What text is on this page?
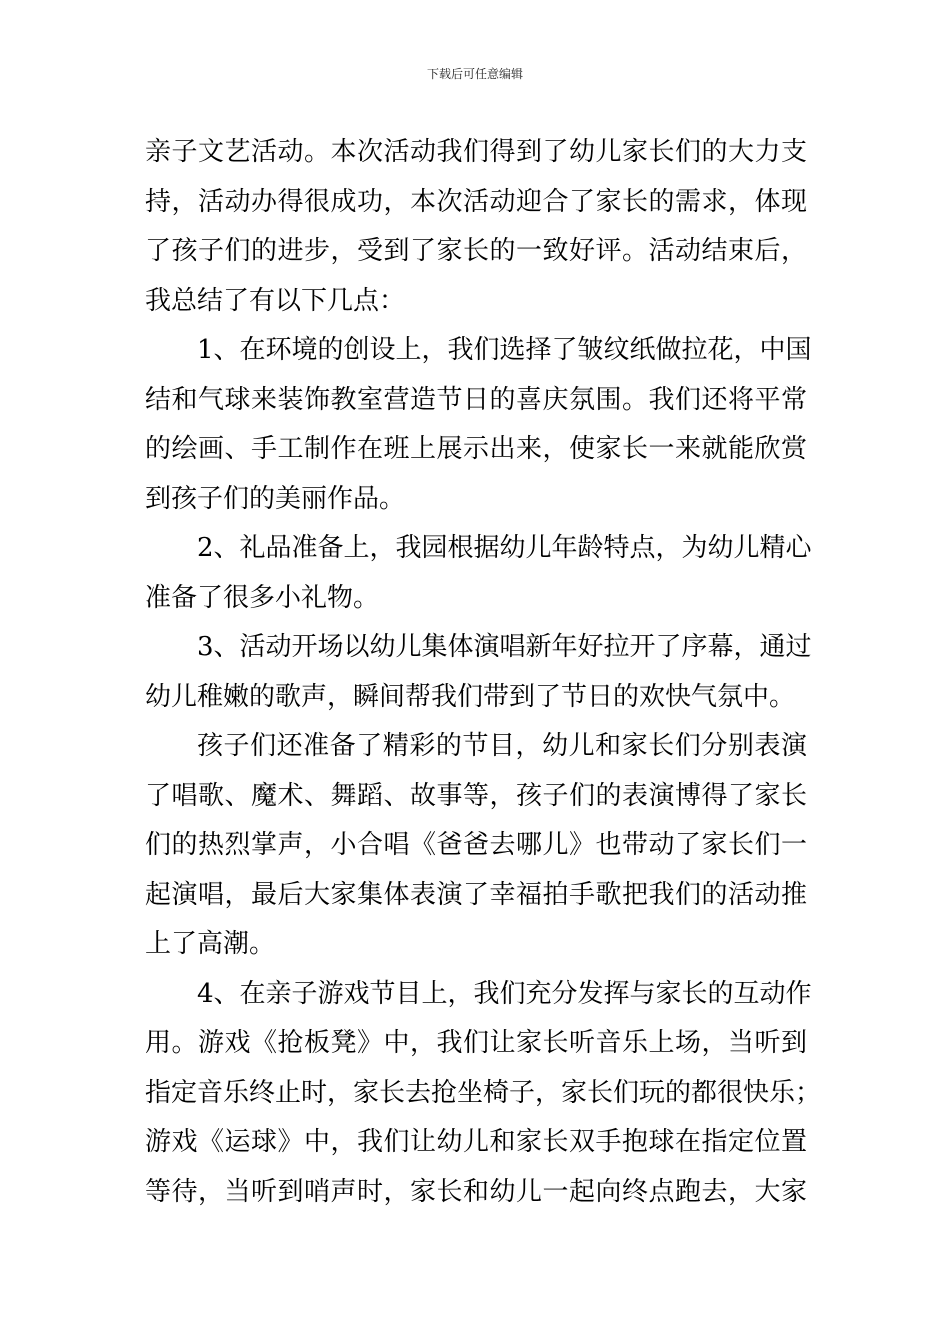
下载后可任意编辑
亲子文艺活动。本次活动我们得到了幼儿家长们的大力支
持，活动办得很成功，本次活动迎合了家长的需求，体现
了孩子们的进步，受到了家长的一致好评。活动结束后，
我总结了有以下几点：
1、在环境的创设上，我们选择了皱纹纸做拉花，中国
结和气球来装饰教室营造节日的喜庆氛围。我们还将平常
的绘画、手工制作在班上展示出来，使家长一来就能欣赏
到孩子们的美丽作品。
2、礼品准备上，我园根据幼儿年龄特点，为幼儿精心
准备了很多小礼物。
3、活动开场以幼儿集体演唱新年好拉开了序幕，通过
幼儿稚嫩的歌声，瞬间帮我们带到了节日的欢快气氛中。
孩子们还准备了精彩的节目，幼儿和家长们分别表演
了唱歌、魔术、舞蹈、故事等，孩子们的表演博得了家长
们的热烈掌声，小合唱《爸爸去哪儿》也带动了家长们一
起演唱，最后大家集体表演了幸福拍手歌把我们的活动推
上了高潮。
4、在亲子游戏节目上，我们充分发挥与家长的互动作
用。游戏《抢板凳》中，我们让家长听音乐上场，当听到
指定音乐终止时，家长去抢坐椅子，家长们玩的都很快乐；
游戏《运球》中，我们让幼儿和家长双手抱球在指定位置
等待，当听到哨声时，家长和幼儿一起向终点跑去，大家
